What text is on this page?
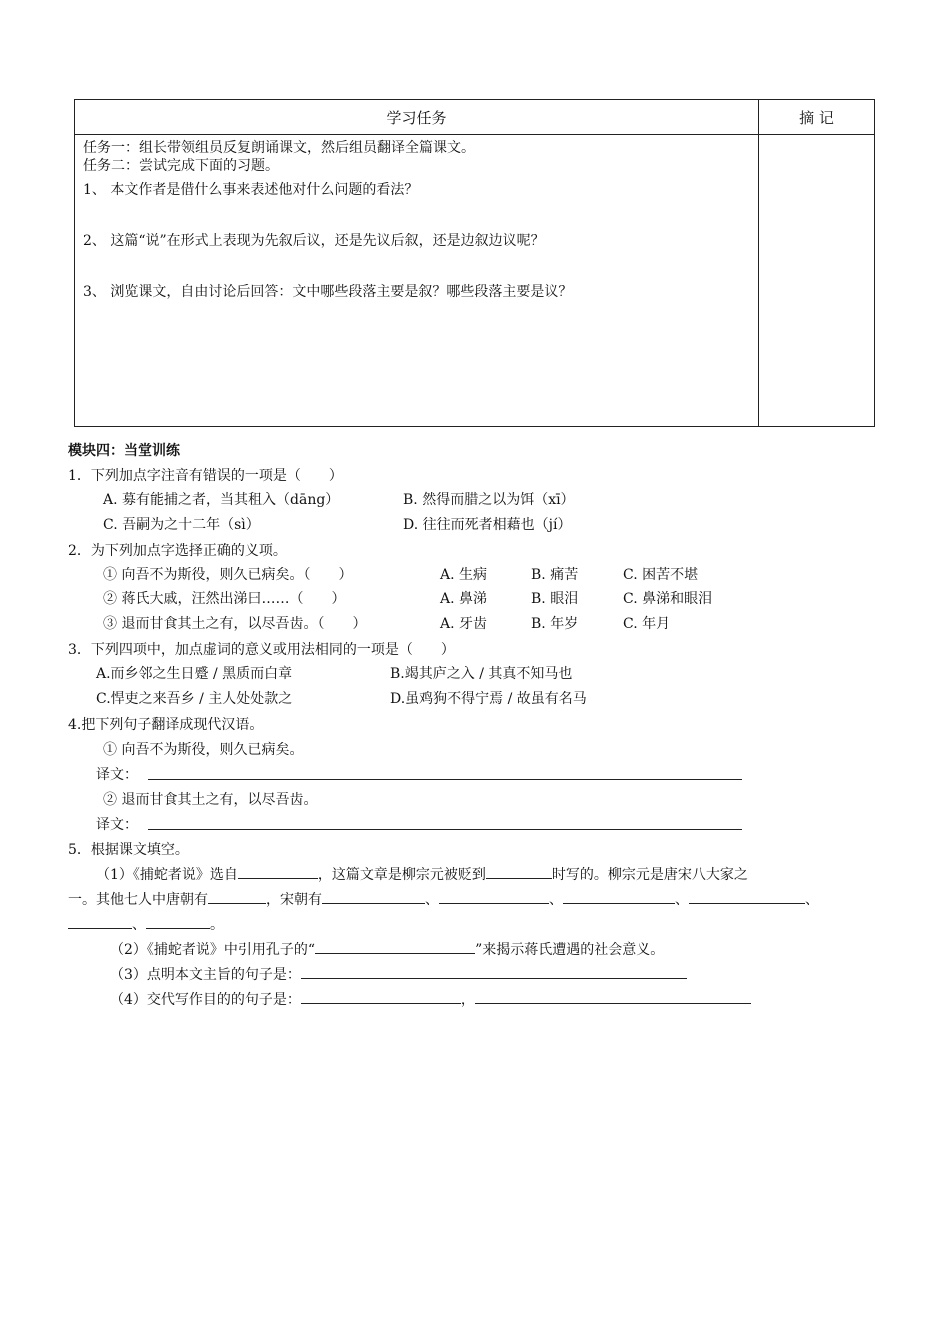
学习任务	摘 记

任务一：组长带领组员反复朗诵课文，然后组员翻译全篇课文。
任务二：尝试完成下面的习题。
1、 本文作者是借什么事来表述他对什么问题的看法？
2、 这篇“说”在形式上表现为先叙后议，还是先议后叙，还是边叙边议呢？
3、 浏览课文，自由讨论后回答：文中哪些段落主要是叙？哪些段落主要是议？	

模块四：当堂训练
1．下列加点字注音有错误的一项是（　　）
A. 募有能捕之者，当其租入（dāng）	B. 然得而腊之以为饵（xī）
C. 吾嗣为之十二年（sì）	D. 往往而死者相藉也（jí）
2．为下列加点字选择正确的义项。
① 向吾不为斯役，则久已病矣。（　　）	A. 生病	B. 痛苦	C. 困苦不堪
② 蒋氏大戚，汪然出涕曰……（　　）	A. 鼻涕	B. 眼泪	C. 鼻涕和眼泪
③ 退而甘食其土之有，以尽吾齿。（　　）	A. 牙齿	B. 年岁	C. 年月
3．下列四项中，加点虚词的意义或用法相同的一项是（　　）
A.而乡邻之生日蹙 / 黑质而白章	B.竭其庐之入 / 其真不知马也
C.悍吏之来吾乡 / 主人处处款之	D.虽鸡狗不得宁焉 / 故虽有名马
4.把下列句子翻译成现代汉语。
① 向吾不为斯役，则久已病矣。
译文：
② 退而甘食其土之有，以尽吾齿。
译文：
5．根据课文填空。
（1）《捕蛇者说》选自	，这篇文章是柳宗元被贬到	时写的。柳宗元是唐宋八大家之
一。其他七人中唐朝有	，宋朝有	、	、	、	、
、	。
（2）《捕蛇者说》中引用孔子的“	”来揭示蒋氏遭遇的社会意义。
（3）点明本文主旨的句子是：
（4）交代写作目的的句子是：	，
